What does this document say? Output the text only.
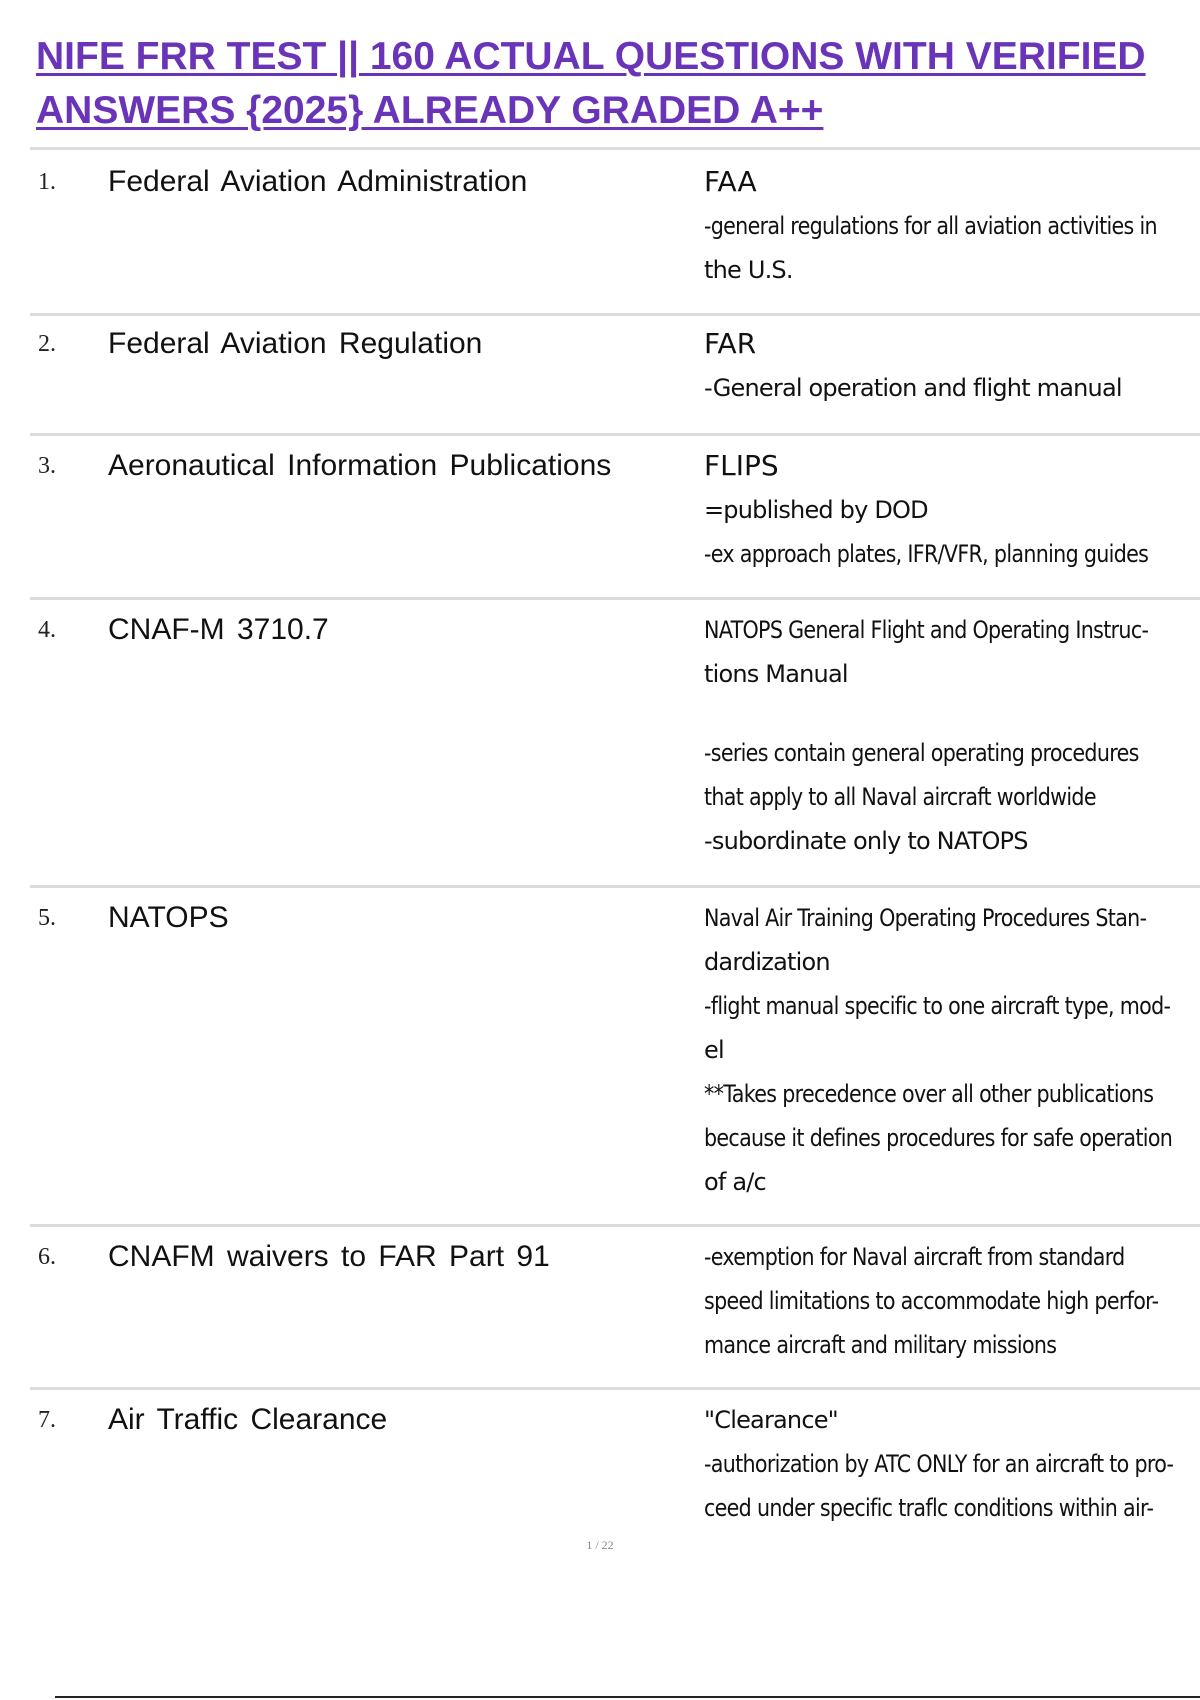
NIFE FRR TEST || 160 ACTUAL QUESTIONS WITH VERIFIED ANSWERS {2025} ALREADY GRADED A++
1. Federal Aviation Administration	FAA
-general regulations for all aviation activities in
the U.S.
2. Federal Aviation Regulation	FAR
-General operation and flight manual
3. Aeronautical Information Publications	FLIPS
=published by DOD
-ex approach plates, IFR/VFR, planning guides
4. CNAF-M 3710.7	NATOPS General Flight and Operating Instruc-
tions Manual
-series contain general operating procedures
that apply to all Naval aircraft worldwide
-subordinate only to NATOPS
5. NATOPS	Naval Air Training Operating Procedures Stan-
dardization
-flight manual specific to one aircraft type, mod-
el
**Takes precedence over all other publications
because it defines procedures for safe operation
of a/c
6. CNAFM waivers to FAR Part 91	-exemption for Naval aircraft from standard
speed limitations to accommodate high perfor-
mance aircraft and military missions
7. Air Traffic Clearance	"Clearance"
-authorization by ATC ONLY for an aircraft to pro-
ceed under specific traflc conditions within air-
1 / 22
